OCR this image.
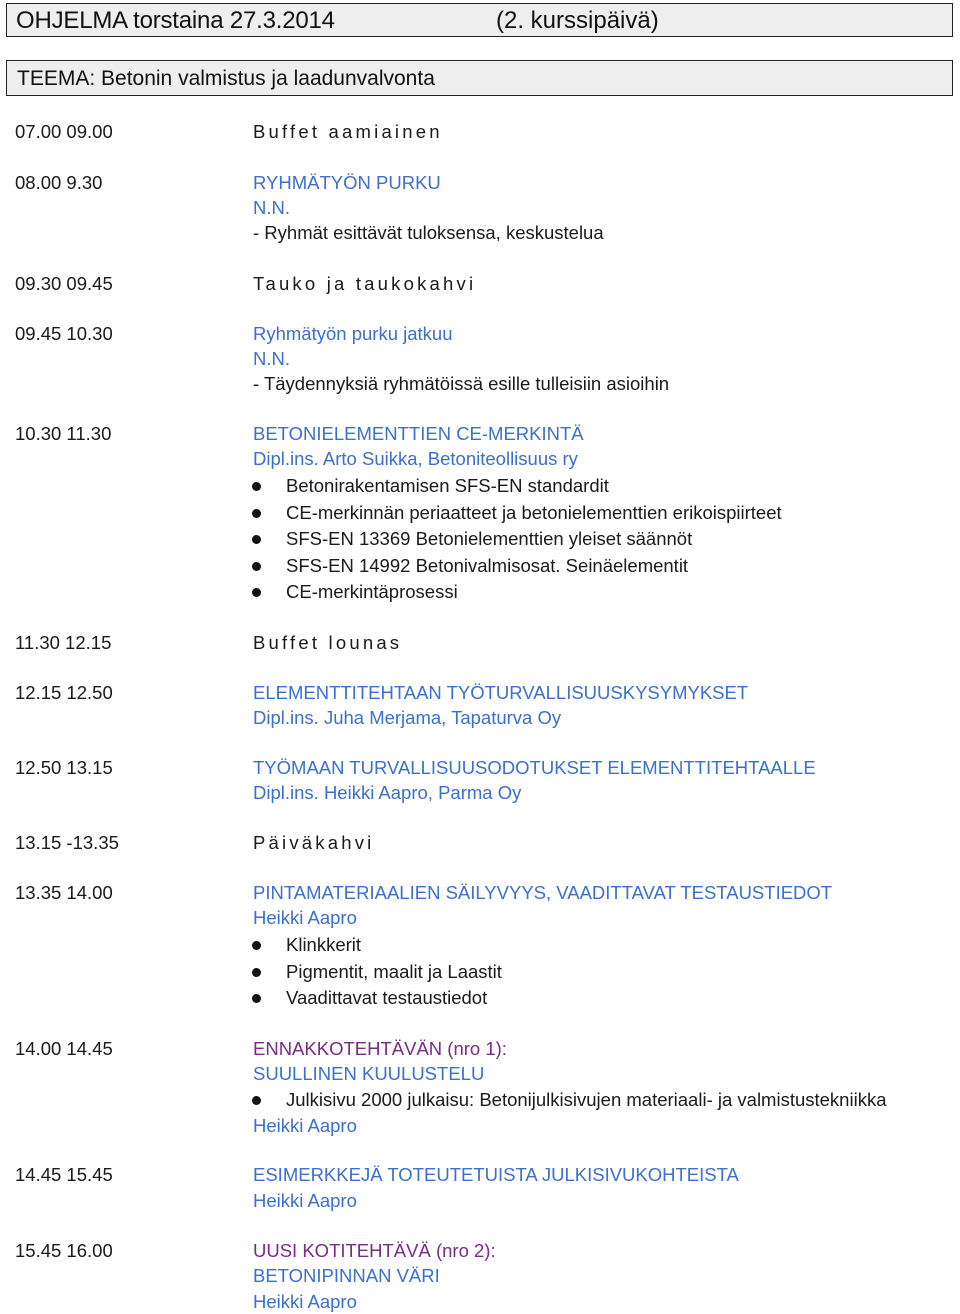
OHJELMA torstaina 27.3.2014	(2. kurssipäivä)
TEEMA: Betonin valmistus ja laadunvalvonta
07.00 09.00	Buffet aamiainen
08.00 9.30	RYHMÄTYÖN PURKU
N.N.
- Ryhmät esittävät tuloksensa, keskustelua
09.30 09.45	Tauko ja taukokahvi
09.45 10.30	Ryhmätyön purku jatkuu
N.N.
- Täydennyksiä ryhmätöissä esille tulleisiin asioihin
10.30 11.30	BETONIELEMENTTIEN CE-MERKINTÄ
Dipl.ins. Arto Suikka, Betoniteollisuus ry
Betonirakentamisen SFS-EN standardit
CE-merkinnän periaatteet ja betonielementtien erikoispiirteet
SFS-EN 13369 Betonielementtien yleiset säännöt
SFS-EN 14992 Betonivalmisosat. Seinäelementit
CE-merkintäprosessi
11.30 12.15	Buffet lounas
12.15 12.50	ELEMENTTITEHTAAN TYÖTURVALLISUUSKYSYMYKSET
Dipl.ins. Juha Merjama, Tapaturva Oy
12.50 13.15	TYÖMAAN TURVALLISUUSODOTUKSET ELEMENTTITEHTAALLE
Dipl.ins. Heikki Aapro, Parma Oy
13.15 -13.35	Päiväkahvi
13.35 14.00	PINTAMATERIAALIEN SÄILYVYYS, VAADITTAVAT TESTAUSTIEDOT
Heikki Aapro
Klinkkerit
Pigmentit, maalit ja Laastit
Vaadittavat testaustiedot
14.00 14.45	ENNAKKOTEHTÄVÄN (nro 1):
SUULLINEN KUULUSTELU
Julkisivu 2000 julkaisu: Betonijulkisivujen materiaali- ja valmistustekniikka
Heikki Aapro
14.45 15.45	ESIMERKKEJÄ TOTEUTETUISTA JULKISIVUKOHTEISTA
Heikki Aapro
15.45 16.00	UUSI KOTITEHTÄVÄ (nro 2):
BETONIPINNAN VÄRI
Heikki Aapro
